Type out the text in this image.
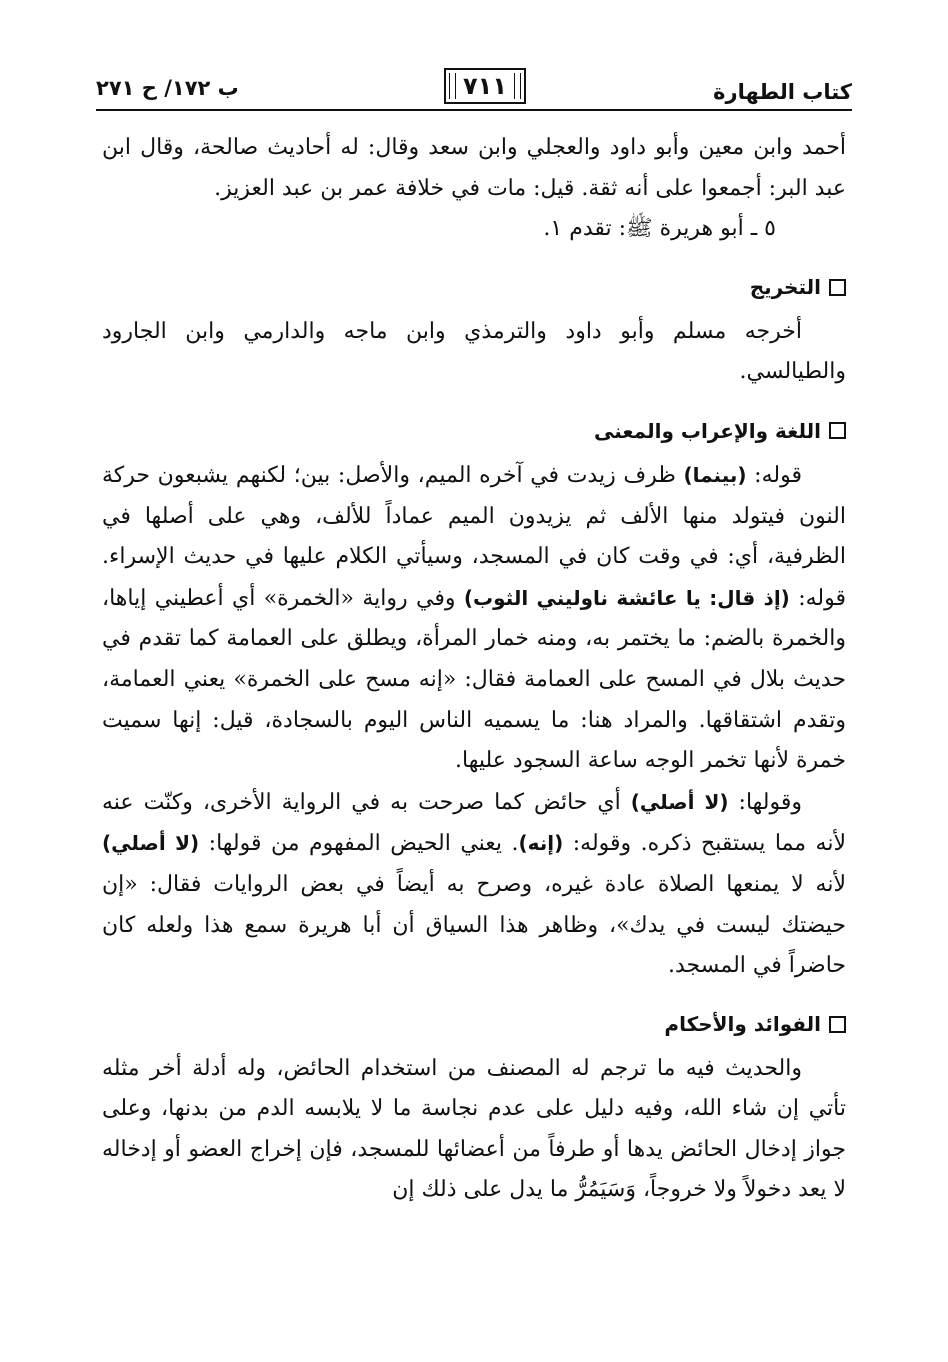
كتاب الطهارة
٧١١
ب ١٧٢/ ح ٢٧١

أحمد وابن معين وأبو داود والعجلي وابن سعد وقال: له أحاديث صالحة، وقال ابن عبد البر: أجمعوا على أنه ثقة. قيل: مات في خلافة عمر بن عبد العزيز.

٥ ـ أبو هريرة ﷺ: تقدم ١.

التخريج

أخرجه مسلم وأبو داود والترمذي وابن ماجه والدارمي وابن الجارود والطيالسي.

اللغة والإعراب والمعنى

قوله: (بينما) ظرف زيدت في آخره الميم، والأصل: بين؛ لكنهم يشبعون حركة النون فيتولد منها الألف ثم يزيدون الميم عماداً للألف، وهي على أصلها في الظرفية، أي: في وقت كان في المسجد، وسيأتي الكلام عليها في حديث الإسراء. قوله: (إذ قال: يا عائشة ناوليني الثوب) وفي رواية «الخمرة» أي أعطيني إياها، والخمرة بالضم: ما يختمر به، ومنه خمار المرأة، ويطلق على العمامة كما تقدم في حديث بلال في المسح على العمامة فقال: «إنه مسح على الخمرة» يعني العمامة، وتقدم اشتقاقها. والمراد هنا: ما يسميه الناس اليوم بالسجادة، قيل: إنها سميت خمرة لأنها تخمر الوجه ساعة السجود عليها.

وقولها: (لا أصلي) أي حائض كما صرحت به في الرواية الأخرى، وكنّت عنه لأنه مما يستقبح ذكره. وقوله: (إنه). يعني الحيض المفهوم من قولها: (لا أصلي) لأنه لا يمنعها الصلاة عادة غيره، وصرح به أيضاً في بعض الروايات فقال: «إن حيضتك ليست في يدك»، وظاهر هذا السياق أن أبا هريرة سمع هذا ولعله كان حاضراً في المسجد.

الفوائد والأحكام

والحديث فيه ما ترجم له المصنف من استخدام الحائض، وله أدلة أخر مثله تأتي إن شاء الله، وفيه دليل على عدم نجاسة ما لا يلابسه الدم من بدنها، وعلى جواز إدخال الحائض يدها أو طرفاً من أعضائها للمسجد، فإن إخراج العضو أو إدخاله لا يعد دخولاً ولا خروجاً، وَسَيَمُرُّ ما يدل على ذلك إن
